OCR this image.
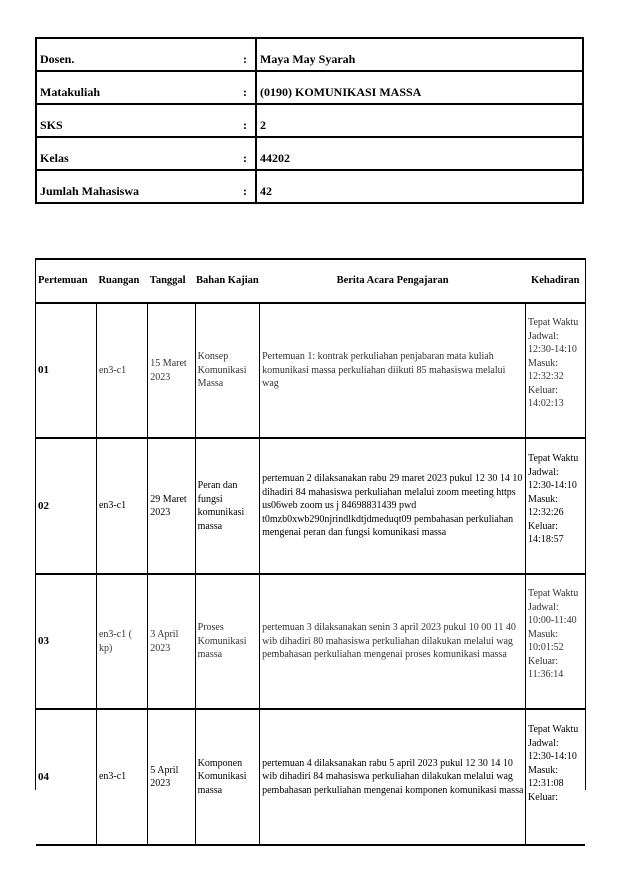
Dosen.	:	Maya May Syarah
Matakuliah	:	(0190) KOMUNIKASI MASSA
SKS	:	2
Kelas	:	44202
Jumlah Mahasiswa	:	42
Pertemuan	Ruangan	Tanggal	Bahan Kajian	Berita Acara Pengajaran	Kehadiran
01	en3-c1	15 Maret 2023	Konsep Komunikasi Massa	Pertemuan 1: kontrak perkuliahan penjabaran mata kuliah komunikasi massa perkuliahan diikuti 85 mahasiswa melalui wag	Tepat Waktu Jadwal: 12:30-14:10 Masuk: 12:32:32 Keluar: 14:02:13
02	en3-c1	29 Maret 2023	Peran dan fungsi komunikasi massa	pertemuan 2 dilaksanakan rabu 29 maret 2023 pukul 12 30 14 10 dihadiri 84 mahasiswa perkuliahan melalui zoom meeting https us06web zoom us j 84698831439 pwd t0mzb0xwb290njrindlkdtjdmeduqt09 pembahasan perkuliahan mengenai peran dan fungsi komunikasi massa	Tepat Waktu Jadwal: 12:30-14:10 Masuk: 12:32:26 Keluar: 14:18:57
03	en3-c1 ( kp)	3 April 2023	Proses Komunikasi massa	pertemuan 3 dilaksanakan senin 3 april 2023 pukul 10 00 11 40 wib dihadiri 80 mahasiswa perkuliahan dilakukan melalui wag pembahasan perkuliahan mengenai proses komunikasi massa	Tepat Waktu Jadwal: 10:00-11:40 Masuk: 10:01:52 Keluar: 11:36:14
04	en3-c1	5 April 2023	Komponen Komunikasi massa	pertemuan 4 dilaksanakan rabu 5 april 2023 pukul 12 30 14 10 wib dihadiri 84 mahasiswa perkuliahan dilakukan melalui wag pembahasan perkuliahan mengenai komponen komunikasi massa	Tepat Waktu Jadwal: 12:30-14:10 Masuk: 12:31:08 Keluar:
